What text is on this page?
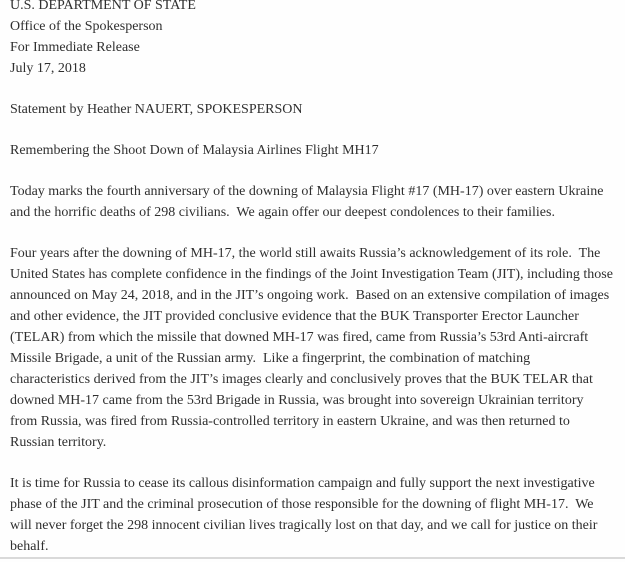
U.S. DEPARTMENT OF STATE
Office of the Spokesperson
For Immediate Release
July 17, 2018
Statement by Heather NAUERT, SPOKESPERSON
Remembering the Shoot Down of Malaysia Airlines Flight MH17
Today marks the fourth anniversary of the downing of Malaysia Flight #17 (MH-17) over eastern Ukraine and the horrific deaths of 298 civilians.  We again offer our deepest condolences to their families.
Four years after the downing of MH-17, the world still awaits Russia’s acknowledgement of its role.  The United States has complete confidence in the findings of the Joint Investigation Team (JIT), including those announced on May 24, 2018, and in the JIT’s ongoing work.  Based on an extensive compilation of images and other evidence, the JIT provided conclusive evidence that the BUK Transporter Erector Launcher (TELAR) from which the missile that downed MH-17 was fired, came from Russia’s 53rd Anti-aircraft Missile Brigade, a unit of the Russian army.  Like a fingerprint, the combination of matching characteristics derived from the JIT’s images clearly and conclusively proves that the BUK TELAR that downed MH-17 came from the 53rd Brigade in Russia, was brought into sovereign Ukrainian territory from Russia, was fired from Russia-controlled territory in eastern Ukraine, and was then returned to Russian territory.
It is time for Russia to cease its callous disinformation campaign and fully support the next investigative phase of the JIT and the criminal prosecution of those responsible for the downing of flight MH-17.  We will never forget the 298 innocent civilian lives tragically lost on that day, and we call for justice on their behalf.
